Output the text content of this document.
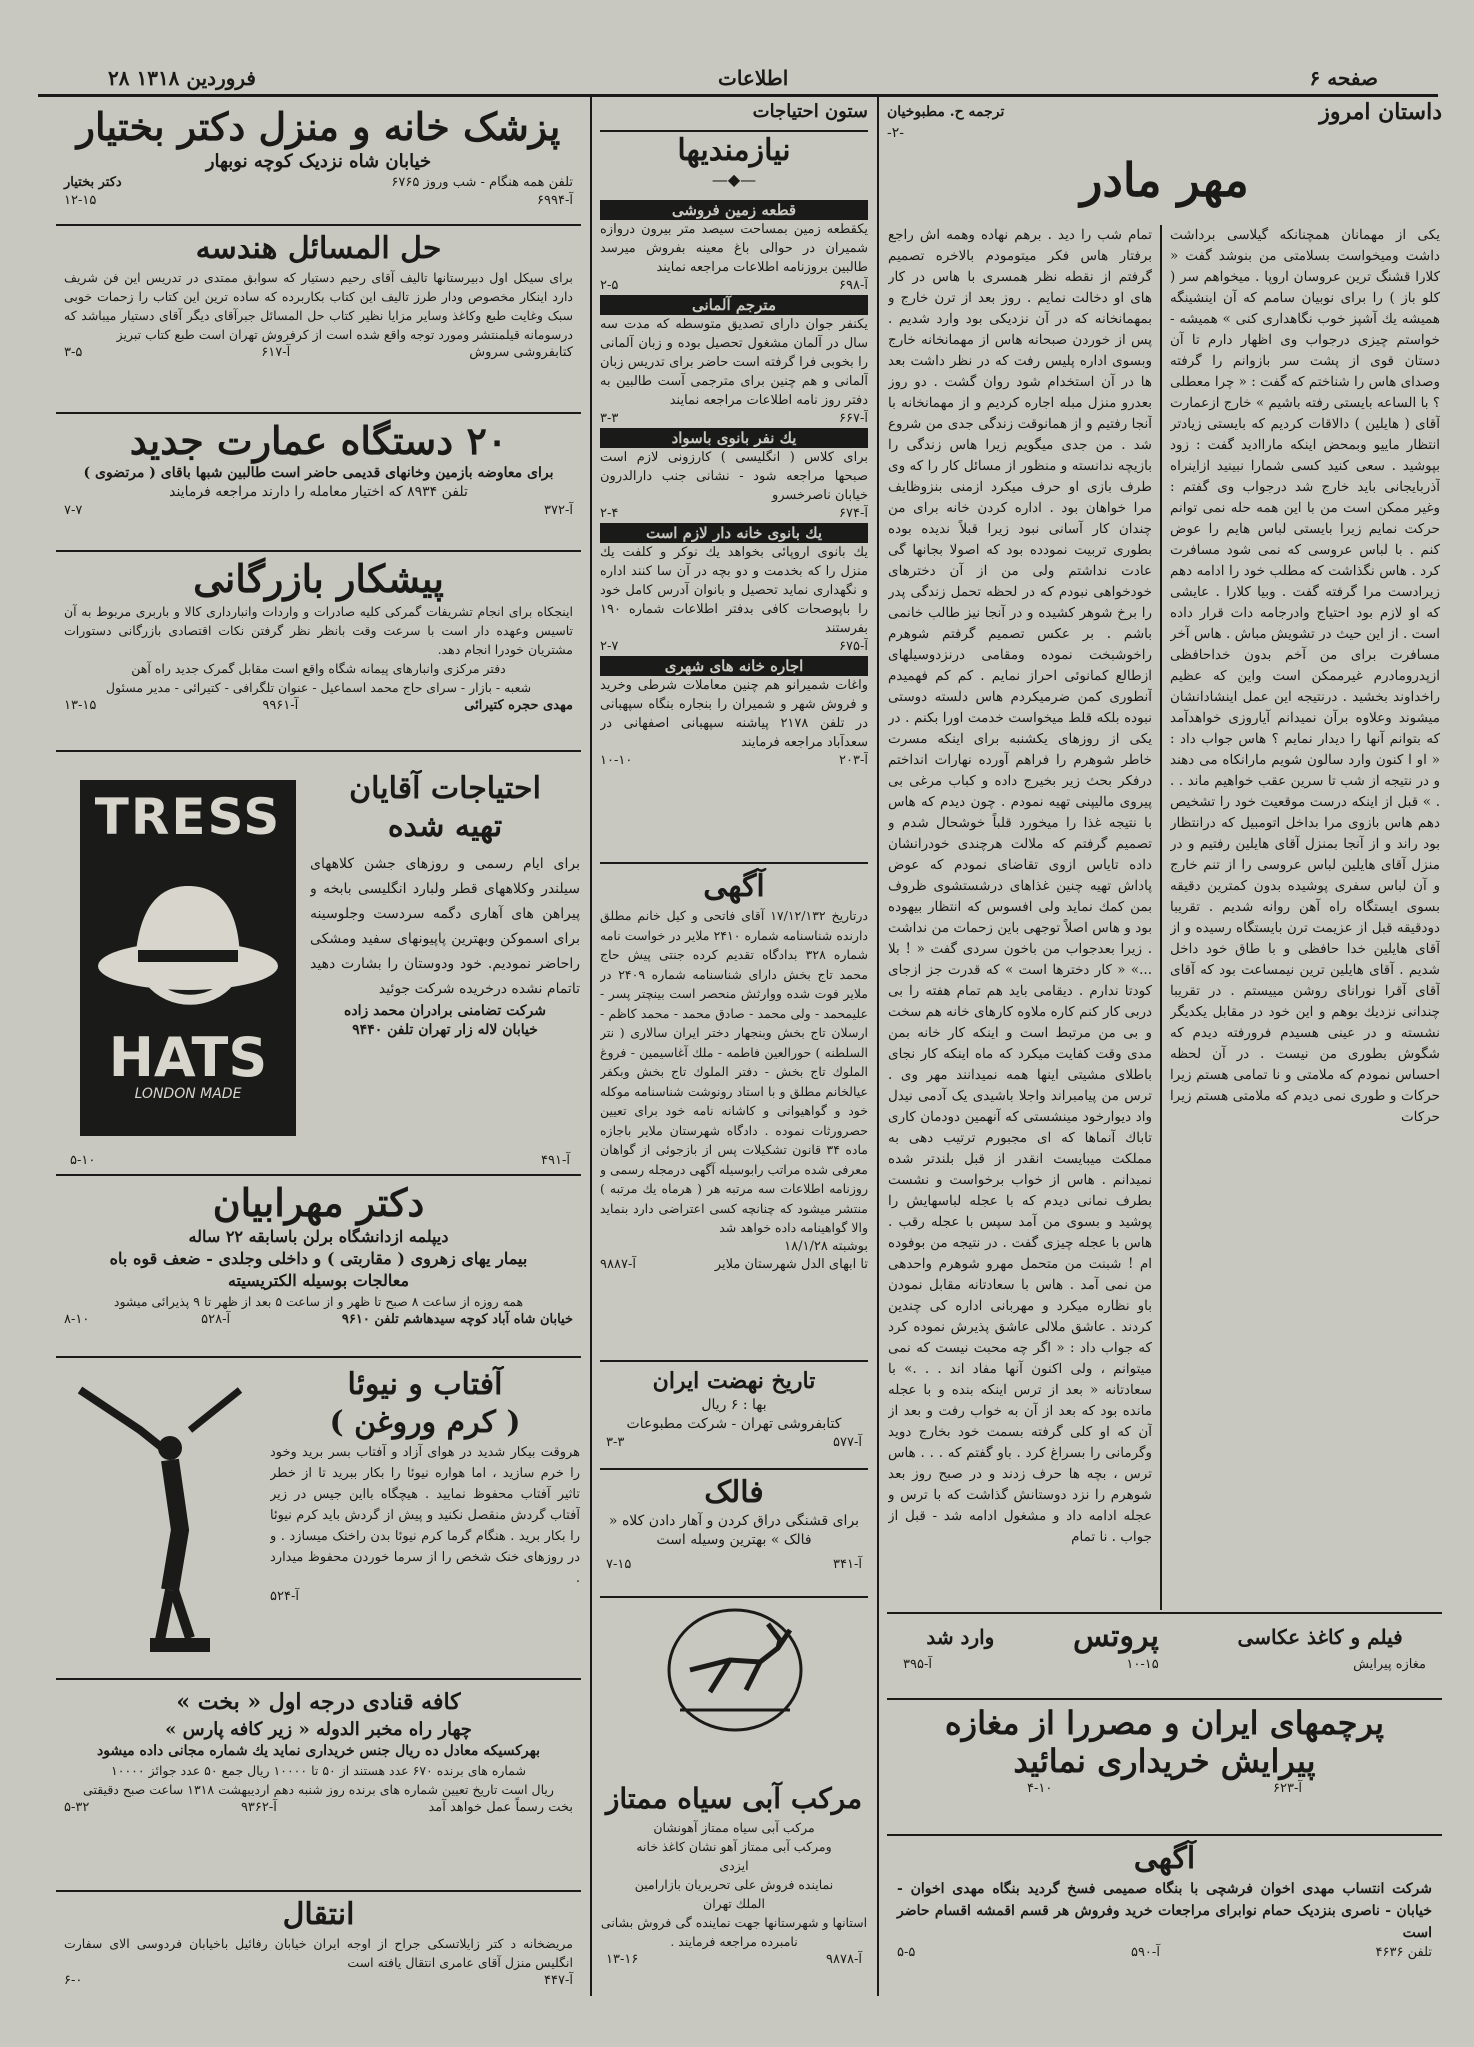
۲۸ فروردین ۱۳۱۸	اطلاعات	صفحه ۶
پزشک خانه و منزل دکتر بختیار
خیابان شاه نزدیک کوچه نوبهار
تلفن همه هنگام - شب وروز ۶۷۶۵
دکتر بختیار
آ-۶۹۹۴
۱۲-۱۵
حل المسائل هندسه
برای سیکل اول دبیرستانها تالیف آقای رحیم دستیار که سوابق ممتدی در تدریس این فن شریف دارد اینکار مخصوص ودار طرز تالیف این کتاب بکاربرده که ساده ترین این کتاب را زحمات خوبی سبک وغایت طبع وکاغذ وسایر مزایا نظیر کتاب حل المسائل جبرآقای دیگر آقای دستیار میباشد که درسومانه قیلمنتشر ومورد توجه واقع شده است از کرفروش تهران است طبع کتاب تبریز
کتابفروشی سروش
آ-۶۱۷
۳-۵
۲۰ دستگاه عمارت جدید
برای معاوضه بازمین وخانهای قدیمی حاضر است طالبین شبها باقای ( مرتضوی )
تلفن ۸۹۳۴ که اختیار معامله را دارند مراجعه فرمایند
آ-۳۷۲
۷-۷
پیشکار بازرگانی
اینجکاه برای انجام تشریفات گمرکی کلیه صادرات و واردات وانبارداری کالا و باربری مربوط به آن تاسیس وعهده دار است با سرعت وقت بانظر نظر گرفتن نکات اقتصادی بازرگانی دستورات مشتریان خودرا انجام دهد.
دفتر مرکزی وانبارهای پیمانه شگاه واقع است مقابل گمرک جدید راه آهن
شعبه - بازار - سرای حاج محمد اسماعیل - عنوان تلگرافی - کتیرائی - مدیر مسئول
مهدی حجره کتیرائی
آ-۹۹۶۱
۱۳-۱۵
TRESS
HATS
LONDON MADE
احتیاجات آقایان
تهیه شده
برای ایام رسمی و روزهای جشن کلاههای سیلندر وکلاههای قطر ولبارد انگلیسی بابخه و پیراهن های آهاری دگمه سردست وجلوسینه برای اسموکن وبهترین پاپیونهای سفید ومشکی راحاضر نمودیم. خود ودوستان را بشارت دهید تاتمام نشده درخریده شرکت جوئید
شرکت تضامنی برادران محمد زاده
خیابان لاله زار تهران تلفن ۹۴۴۰
آ-۴۹۱
۵-۱۰
دکتر مهرابیان
دیپلمه ازدانشگاه برلن باسابقه ۲۲ ساله
بیمار یهای زهروی ( مقاربتی ) و داخلی وجلدی - ضعف قوه باه
معالجات بوسیله الکتریسیته
همه روزه از ساعت ۸ صبح تا ظهر و از ساعت ۵ بعد از ظهر تا ۹ پذیرائی میشود
خیابان شاه آباد کوچه سیدهاشم تلفن ۹۶۱۰
آ-۵۲۸
۸-۱۰
آفتاب و نیوئا
( کرم وروغن )
هروقت بیکار شدید در هوای آزاد و آفتاب بسر برید وخود را خرم سازید ، اما هواره نیوئا را بکار ببرید تا از خطر تاثیر آفتاب محفوظ نمایید . هیچگاه بااین جیس در زیر آفتاب گردش منقصل نکنید و پیش از گردش باید کرم نیوئا را بکار برید . هنگام گرما کرم نیوئا بدن راخنک میسازد . و در روزهای خنک شخص را از سرما خوردن محفوظ میدارد .
آ-۵۲۴
کافه قنادی درجه اول « بخت »
چهار راه مخبر الدوله « زیر کافه پارس »
بهرکسیکه معادل ده ریال جنس خریداری نماید یك شماره مجانی داده میشود
شماره های برنده ۶۷۰ عدد هستند از ۵۰ تا ۱۰۰۰۰ ریال جمع ۵۰ عدد جوائز ۱۰۰۰۰
ریال است تاریخ تعیین شماره های برنده روز شنبه دهم اردیبهشت ۱۳۱۸ ساعت صبح دقیقتی
بخت رسماً عمل خواهد آمد
آ-۹۳۶۲
۵-۳۲
انتقال
مریضخانه د کتر زایلاتسکی جراح از اوجه ایران خیابان رفائیل باخیابان فردوسی الای سفارت انگلیس منزل آقای عامری انتقال یافته است
آ-۴۴۷
۶-۰
ستون احتیاجات
نیازمندیها
—◆—
قطعه زمین فروشی
یکقطعه زمین بمساحت سیصد متر بیرون دروازه شمیران در حوالی باغ معینه بفروش میرسد طالبین بروزنامه اطلاعات مراجعه نمایند
آ-۶۹۸
۲-۵
مترجم آلمانی
یکنفر جوان دارای تصدیق متوسطه که مدت سه سال در آلمان مشغول تحصیل بوده و زبان آلمانی را بخوبی فرا گرفته است حاضر برای تدریس زبان آلمانی و هم چنین برای مترجمی آست طالبین به دفتر روز نامه اطلاعات مراجعه نمایند
آ-۶۶۷
۳-۳
یك نفر بانوی باسواد
برای کلاس ( انگلیسی ) کارزونی لازم است صبحها مراجعه شود - نشانی جنب دارالدرون خیابان ناصرخسرو
آ-۶۷۴
۲-۴
یك بانوی خانه دار لازم است
یك بانوی اروپائی بخواهد یك نوکر و کلفت یك منزل را که بخدمت و دو بچه در آن سا کنند اداره و نگهداری نماید تحصیل و بانوان آدرس کامل خود را باپوصحات کافی بدفتر اطلاعات شماره ۱۹۰ بفرستند
آ-۶۷۵
۲-۷
اجاره خانه های شهری
واغات شمیرانو هم چنین معاملات شرطی وخرید و فروش شهر و شمیران را بنجاره بنگاه سپهبانی در تلفن ۲۱۷۸ پیاشنه سپهبانی اصفهانی در سعدآباد مراجعه فرمایند
آ-۲۰۳
۱۰-۱۰
آگهی
درتاریخ ۱۷/۱۲/۱۳۲ آقای فاتحی و کیل خانم مطلق دارنده شناسنامه شماره ۲۴۱۰ ملایر در خواست نامه شماره ۳۲۸ بدادگاه تقدیم کرده جنتی پیش حاج محمد تاج بخش دارای شناسنامه شماره ۲۴۰۹ در ملایر فوت شده ووارثش منحصر است بینچتر پسر - علیمحمد - ولی محمد - صادق محمد - محمد کاظم - ارسلان تاج بخش وبنجهار دختر ایران سالاری ( نتر السلطنه ) حورالعین فاطمه - ملك آغاسیمین - فروغ الملوك تاج بخش - دفتر الملوك تاج بخش وبکفر عیالخانم مطلق و با استاد رونوشت شناسنامه موکله خود و گواهیوانی و کاشانه نامه خود برای تعیین حصرورثات نموده . دادگاه شهرستان ملایر باجازه ماده ۳۴ قانون تشکیلات پس از بازجوئی از گواهان معرفی شده مراتب رابوسیله آگهی درمجله رسمی و روزنامه اطلاعات سه مرتبه هر ( هرماه یك مرتبه ) منتشر میشود که چنانچه کسی اعتراضی دارد بنماید والا گواهینامه داده خواهد شد
بوشبته ۱۸/۱/۲۸
تا ابهای الدل شهرستان ملایر
آ-۹۸۸۷
تاریخ نهضت ایران
بها : ۶ ریال
کتابفروشی تهران - شرکت مطبوعات
آ-۵۷۷
۳-۳
فالک
برای قشنگی دراق کردن و آهار دادن کلاه « فالک » بهترین وسیله است
آ-۳۴۱
۷-۱۵
مرکب آبی سیاه ممتاز
مرکب آبی سیاه ممتاز آهونشان
ومرکب آبی ممتاز آهو نشان کاغذ خانه
ایزدی
نماینده فروش علی تحریریان بازارامین
الملك تهران
استانها و شهرستانها جهت نماینده گی فروش بشانی نامبرده مراجعه فرمایند .
آ-۹۸۷۸
۱۳-۱۶
داستان امروز
ترجمه ح. مطبوخیان
-۲-
مهر مادر
یکی از مهمانان همچنانکه گیلاسی برداشت داشت ومیخواست بسلامتی من بنوشد گفت « کلارا قشنگ ترین عروسان اروپا . میخواهم سر ( کلو باز ) را برای نوبیان سامم که آن اینشینگه همیشه یك آشپز خوب نگاهداری کنی » همیشه - خواستم چیزی درجواب وی اظهار دارم تا آن دستان قوی از پشت سر بازوانم را گرفته وصدای هاس را شناختم که گفت : « چرا معطلی ؟ با الساعه بایستی رفته باشیم » خارج ازعمارت آقای ( هایلین ) دالاقات کردیم که بایستی زیادتر انتظار ماییو وبمحض اینکه ماراادید گفت : زود بپوشید . سعی کنید کسی شمارا نبینید ازاینراه آذربایجانی باید خارج شد درجواب وی گفتم : وغیر ممکن است من با این همه حله نمی توانم حرکت نمایم زیرا بایستی لباس هایم را عوض کنم . با لباس عروسی که نمی شود مسافرت کرد . هاس نگذاشت که مطلب خود را ادامه دهم زیرادست مرا گرفته گفت . وبیا کلارا . عایشی که او لازم بود احتیاج وادرجامه دات قرار داده است . از این حیث در تشویش مباش . هاس آخر مسافرت برای من آخم بدون خداحافظی ازپدرومادرم غیرممکن است واین که عظیم راخداوند بخشید . درنتیجه این عمل اینشادانشان میشوند وعلاوه برآن نمیدانم آیاروزی خواهدآمد که بتوانم آنها را دیدار نمایم ؟ هاس جواب داد : « او ا کنون وارد سالون شویم مارانکاه می دهند و در نتیجه از شب تا سرین عقب خواهیم ماند . . . » قبل از اینکه درست موقعیت خود را تشخیص دهم هاس بازوی مرا بداخل اتومبیل که درانتظار بود راند و از آنجا بمنزل آقای هایلین رفتیم و در منزل آقای هایلین لباس عروسی را از تنم خارج و آن لباس سفری پوشیده بدون کمترین دقیقه بسوی ایستگاه راه آهن روانه شدیم . تقریبا دودقیقه قبل از عزیمت ترن بایستگاه رسیده و از آقای هایلین خدا حافظی و با طاق خود داخل شدیم . آقای هایلین ترین نیمساعت بود که آقای آقای آقرا نورانای روشن مییستم . در تقریبا چندانی نزدیك بوهم و این خود در مقابل یکدیگر نشسته و در عینی هسیدم فرورفته دیدم که شگوش بطوری من نیست . در آن لحظه احساس نمودم که ملامتی و نا تمامی هستم زیرا حرکات و طوری نمی دیدم که ملامتی هستم زیرا حرکات
تمام شب را دید . برهم نهاده وهمه اش راجع برفتار هاس فکر میتومودم بالاخره تصمیم گرفتم از نقطه نظر همسری با هاس در کار های او دخالت نمایم . روز بعد از ترن خارج و بمهمانخانه که در آن نزدیکی بود وارد شدیم . پس از خوردن صبحانه هاس از مهمانخانه خارج وبسوی اداره پلیس رفت که در نظر داشت بعد ها در آن استخدام شود روان گشت . دو روز بعدرو منزل مبله اجاره کردیم و از مهمانخانه با آنجا رفتیم و از همانوقت زندگی جدی من شروع شد . من جدی میگویم زیرا هاس زندگی را بازیچه ندانسته و منظور از مسائل کار را که وی طرف بازی او حرف میکرد ازمنی بنزوظایف مرا خواهان بود . اداره کردن خانه برای من چندان کار آسانی نبود زیرا قبلاً ندیده بوده بطوری تربیت نمودده بود که اصولا بجانها گی عادت نداشتم ولی من از آن دخترهای خودخواهی نبودم که در لحظه تحمل زندگی پدر را برخ شوهر کشیده و در آنجا نیز طالب خانمی باشم . بر عکس تصمیم گرفتم شوهرم راخوشبخت نموده ومقامی درنزدوسیلهای ازطالع کمانوئی احراز نمایم . کم کم فهمیدم آنطوری کمن ضرمیکردم هاس دلسته دوستی نبوده بلکه قلط میخواست خدمت اورا بکنم . در یکی از روزهای یکشنبه برای اینکه مسرت خاطر شوهرم را فراهم آورده نهارات انداختم درفکر بحث زیر بخیرج داده و کباب مرغی بی پیروی مالیپنی تهیه نمودم . چون دیدم که هاس با نتیجه غذا را میخورد قلباً خوشحال شدم و تصمیم گرفتم که ملالت هرچندی خودرانشان داده تایاس ازوی تقاضای نمودم که عوض پاداش تهیه چنین غذاهای درشستشوی ظروف بمن کمك نماید ولی افسوس که انتظار بیهوده بود و هاس اصلاً توجهی باین زحمات من نداشت . زیرا بعدجواب من باخون سردی گفت « ! بلا ...» « کار دخترها است » که قدرت جز ازجای کودتا ندارم . دیقامی باید هم تمام هفته را بی دربی کار کنم کاره ملاوه کارهای خانه هم سخت و بی من مرتبط است و اینکه کار خانه بمن مدی وقت کفایت میکرد که ماه اینکه کار نجای باطلای مشیتی اینها همه نمیدانند مهر وی . ترس من پیامبراند واجلا باشیدی یک آدمی نیدل واد دیوارخود مینشستی که آنهمین دودمان کاری تاباك آنماها که ای مجبورم ترتیب دهی به مملکت میبایست انقدر از قبل بلندتر شده نمیدانم . هاس از خواب برخواست و نشست بطرف نمانی دیدم که با عجله لباسهایش را پوشید و بسوی من آمد سپس با عجله رقب . هاس با عجله چیزی گفت . در نتیجه من بوفوده ام ! شبنت من متحمل مهرو شوهرم واحدهی من نمی آمد . هاس با سعادتانه مقابل نمودن باو نظاره میکرد و مهربانی اداره کی چندین کردند . عاشق ملالی عاشق پذیرش نموده کرد که جواب داد : « اگر چه محبت نیست که نمی میتوانم ، ولی اکنون آنها مفاد اند . . .» با سعادتانه « بعد از ترس اینکه بنده و با عجله مانده بود که بعد از آن به خواب رفت و بعد از آن که او کلی گرفته بسمت خود بخارج دوید وگرمانی را بسراغ کرد . باو گفتم که . . . هاس ترس ، بچه ها حرف زدند و در صبح روز بعد شوهرم را نزد دوستانش گذاشت که با ترس و عجله ادامه داد و مشغول ادامه شد - قبل از جواب . نا تمام
فیلم و کاغذ عکاسی
پروتس
وارد شد
مغازه پیرایش
۱۰-۱۵
آ-۳۹۵
پرچمهای ایران و مصررا از مغازه
پیرایش خریداری نمائید
آ-۶۲۳
۴-۱۰
آگهی
شرکت انتساب مهدی اخوان فرشچی با بنگاه صمیمی فسخ گردید بنگاه مهدی اخوان - خیابان - ناصری بنزدیک حمام نوابرای مراجعات خرید وفروش هر قسم اقمشه اقسام حاضر است
تلفن ۴۶۳۶
آ-۵۹۰
۵-۵
